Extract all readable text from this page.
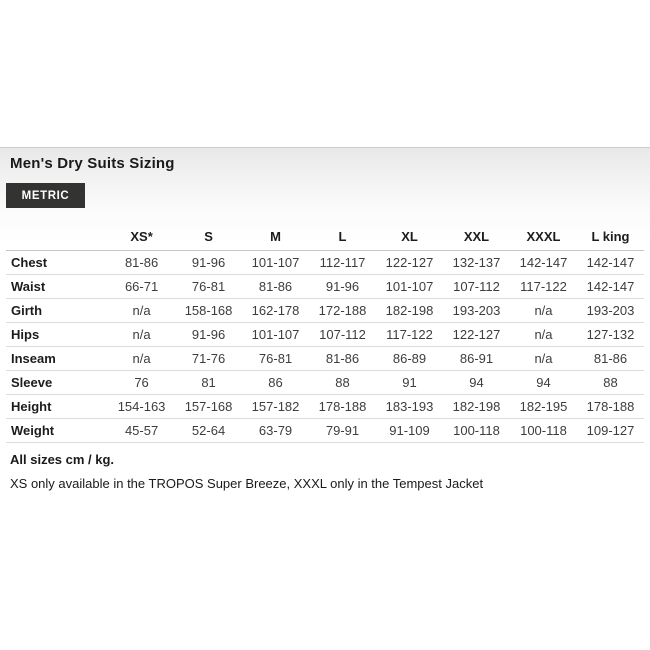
Men's Dry Suits Sizing
METRIC
	XS*	S	M	L	XL	XXL	XXXL	L king
Chest	81-86	91-96	101-107	112-117	122-127	132-137	142-147	142-147
Waist	66-71	76-81	81-86	91-96	101-107	107-112	117-122	142-147
Girth	n/a	158-168	162-178	172-188	182-198	193-203	n/a	193-203
Hips	n/a	91-96	101-107	107-112	117-122	122-127	n/a	127-132
Inseam	n/a	71-76	76-81	81-86	86-89	86-91	n/a	81-86
Sleeve	76	81	86	88	91	94	94	88
Height	154-163	157-168	157-182	178-188	183-193	182-198	182-195	178-188
Weight	45-57	52-64	63-79	79-91	91-109	100-118	100-118	109-127

All sizes cm / kg.

XS only available in the TROPOS Super Breeze, XXXL only in the Tempest Jacket
